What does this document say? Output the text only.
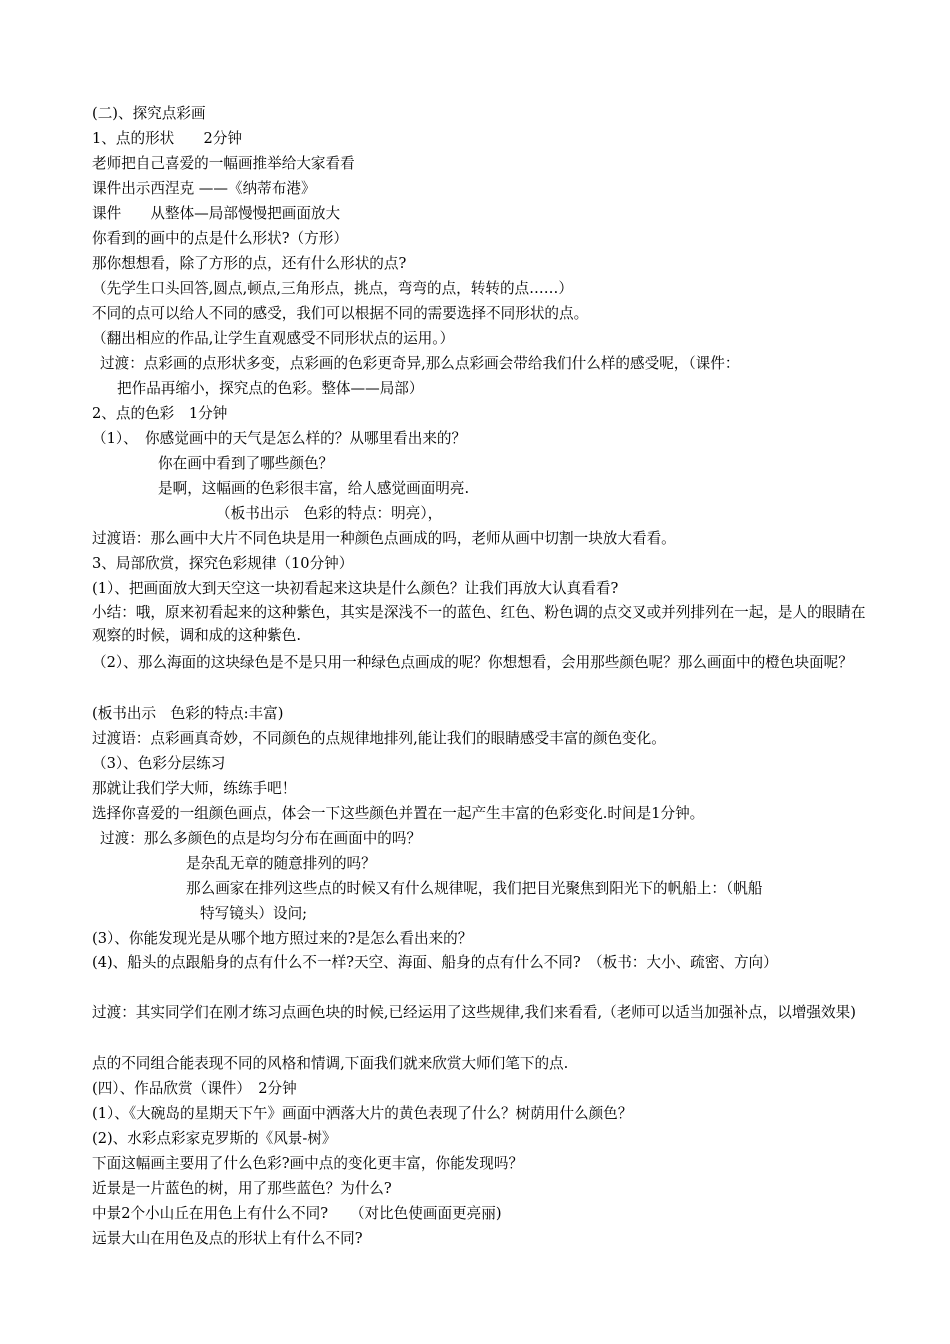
(二)、探究点彩画
1、点的形状　　2分钟
老师把自己喜爱的一幅画推举给大家看看
课件出示西涅克 ——《纳蒂布港》
课件　　从整体—局部慢慢把画面放大
你看到的画中的点是什么形状?（方形）
那你想想看，除了方形的点，还有什么形状的点?
（先学生口头回答,圆点,顿点,三角形点，挑点，弯弯的点，转转的点……）
不同的点可以给人不同的感受，我们可以根据不同的需要选择不同形状的点。
（翻出相应的作品,让学生直观感受不同形状点的运用。）
过渡：点彩画的点形状多变，点彩画的色彩更奇异,那么点彩画会带给我们什么样的感受呢，（课件：
把作品再缩小，探究点的色彩。整体——局部）
2、点的色彩　1分钟
（1）、　你感觉画中的天气是怎么样的？从哪里看出来的？
你在画中看到了哪些颜色？
是啊，这幅画的色彩很丰富，给人感觉画面明亮.
（板书出示　色彩的特点：明亮），
过渡语：那么画中大片不同色块是用一种颜色点画成的吗，老师从画中切割一块放大看看。
3、局部欣赏，探究色彩规律（10分钟）
(1）、把画面放大到天空这一块初看起来这块是什么颜色？让我们再放大认真看看?
小结：哦，原来初看起来的这种紫色，其实是深浅不一的蓝色、红色、粉色调的点交叉或并列排列在一起，是人的眼睛在观察的时候，调和成的这种紫色.
（2）、那么海面的这块绿色是不是只用一种绿色点画成的呢？你想想看，会用那些颜色呢？那么画面中的橙色块面呢？
(板书出示　色彩的特点:丰富)
过渡语：点彩画真奇妙，不同颜色的点规律地排列,能让我们的眼睛感受丰富的颜色变化。
（3）、色彩分层练习
那就让我们学大师，练练手吧！
选择你喜爱的一组颜色画点，体会一下这些颜色并置在一起产生丰富的色彩变化.时间是1分钟。
过渡：那么多颜色的点是均匀分布在画面中的吗？
是杂乱无章的随意排列的吗？
那么画家在排列这些点的时候又有什么规律呢，我们把目光聚焦到阳光下的帆船上：（帆船
特写镜头）设问;
(3）、你能发现光是从哪个地方照过来的?是怎么看出来的？
(4)、船头的点跟船身的点有什么不一样?天空、海面、船身的点有什么不同?　（板书：大小、疏密、方向）
过渡：其实同学们在刚才练习点画色块的时候,已经运用了这些规律,我们来看看,（老师可以适当加强补点，以增强效果)
点的不同组合能表现不同的风格和情调,下面我们就来欣赏大师们笔下的点.
(四）、作品欣赏（课件）　2分钟
(1）、《大碗岛的星期天下午》画面中洒落大片的黄色表现了什么？树荫用什么颜色？
(2)、水彩点彩家克罗斯的《风景-树》
下面这幅画主要用了什么色彩?画中点的变化更丰富，你能发现吗？
近景是一片蓝色的树，用了那些蓝色？为什么?
中景2个小山丘在用色上有什么不同?　　（对比色使画面更亮丽)
远景大山在用色及点的形状上有什么不同?
